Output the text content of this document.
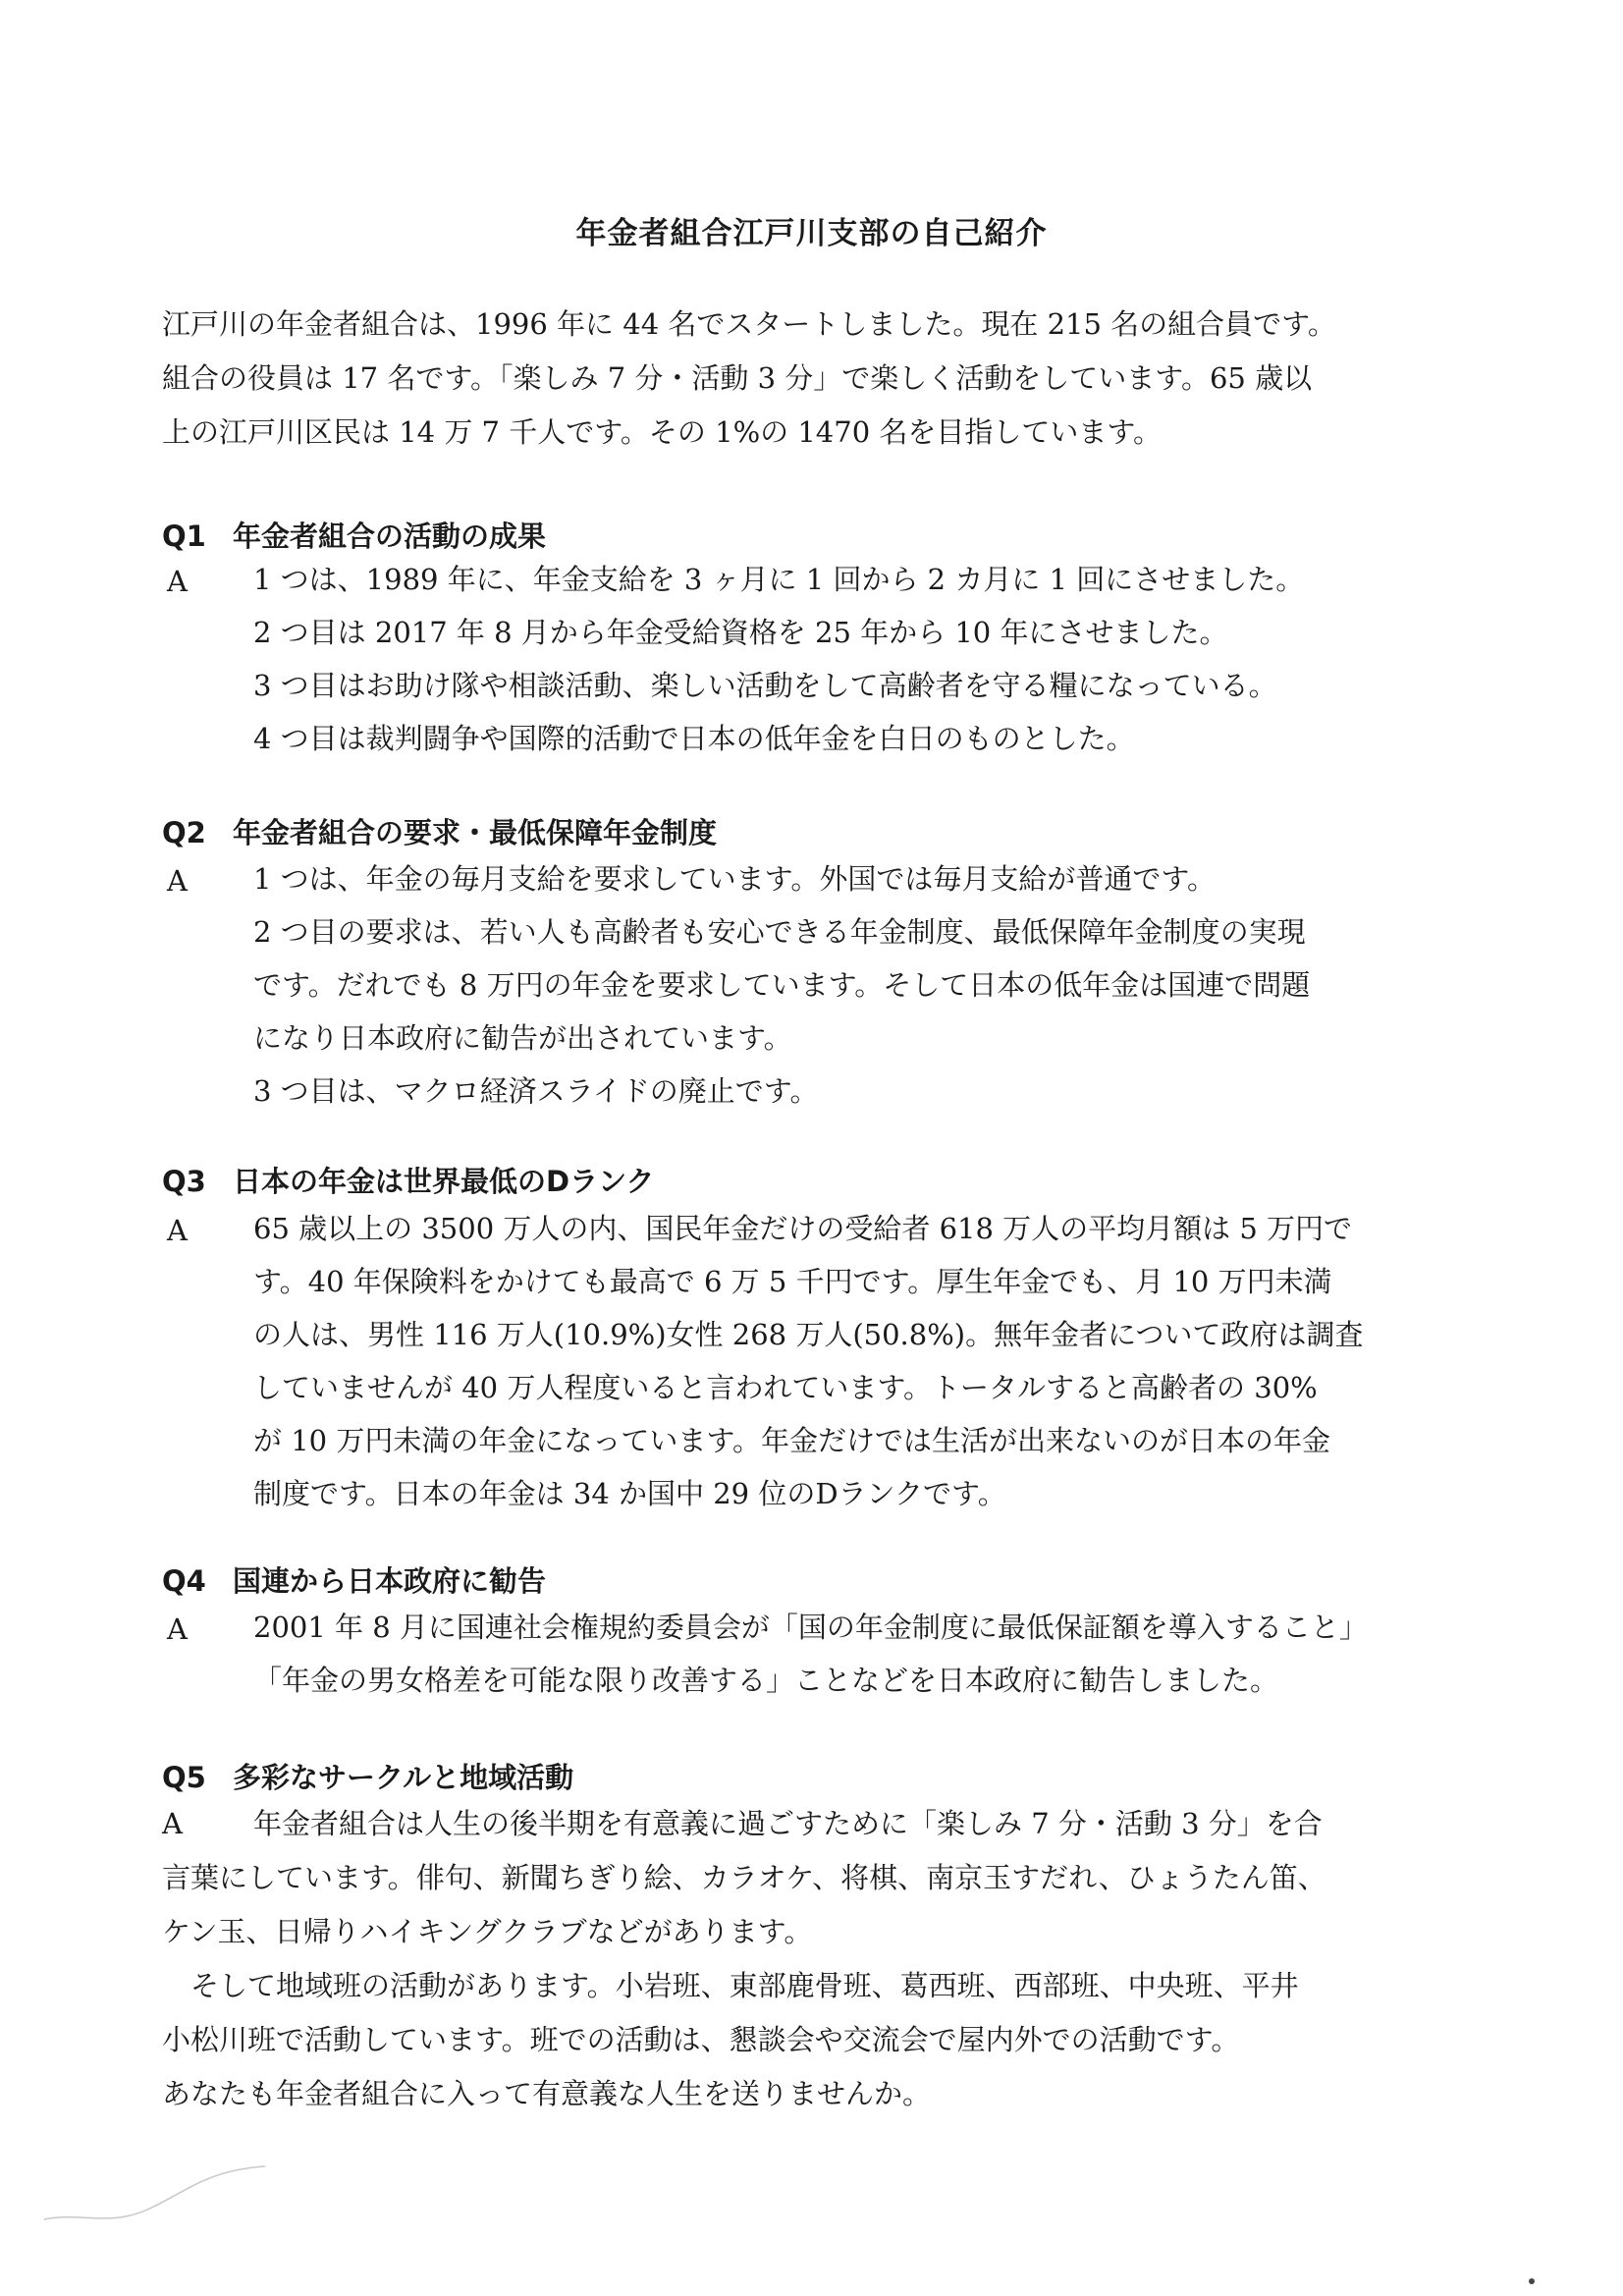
年金者組合江戸川支部の自己紹介

江戸川の年金者組合は、1996 年に 44 名でスタートしました。現在 215 名の組合員です。

組合の役員は 17 名です。「楽しみ 7 分・活動 3 分」で楽しく活動をしています。65 歳以

上の江戸川区民は 14 万 7 千人です。その 1%の 1470 名を目指しています。

Q1 年金者組合の活動の成果
A 1 つは、1989 年に、年金支給を 3 ヶ月に 1 回から 2 カ月に 1 回にさせました。

2 つ目は 2017 年 8 月から年金受給資格を 25 年から 10 年にさせました。

3 つ目はお助け隊や相談活動、楽しい活動をして高齢者を守る糧になっている。

4 つ目は裁判闘争や国際的活動で日本の低年金を白日のものとした。

Q2 年金者組合の要求・最低保障年金制度
A 1 つは、年金の毎月支給を要求しています。外国では毎月支給が普通です。

2 つ目の要求は、若い人も高齢者も安心できる年金制度、最低保障年金制度の実現

です。だれでも 8 万円の年金を要求しています。そして日本の低年金は国連で問題

になり日本政府に勧告が出されています。

3 つ目は、マクロ経済スライドの廃止です。

Q3 日本の年金は世界最低のDランク
A 65 歳以上の 3500 万人の内、国民年金だけの受給者 618 万人の平均月額は 5 万円で

す。40 年保険料をかけても最高で 6 万 5 千円です。厚生年金でも、月 10 万円未満

の人は、男性 116 万人(10.9%)女性 268 万人(50.8%)。無年金者について政府は調査

していませんが 40 万人程度いると言われています。トータルすると高齢者の 30%

が 10 万円未満の年金になっています。年金だけでは生活が出来ないのが日本の年金

制度です。日本の年金は 34 か国中 29 位のDランクです。

Q4 国連から日本政府に勧告
A 2001 年 8 月に国連社会権規約委員会が「国の年金制度に最低保証額を導入すること」

「年金の男女格差を可能な限り改善する」ことなどを日本政府に勧告しました。

Q5 多彩なサークルと地域活動

A 年金者組合は人生の後半期を有意義に過ごすために「楽しみ 7 分・活動 3 分」を合

言葉にしています。俳句、新聞ちぎり絵、カラオケ、将棋、南京玉すだれ、ひょうたん笛、

ケン玉、日帰りハイキングクラブなどがあります。

　そして地域班の活動があります。小岩班、東部鹿骨班、葛西班、西部班、中央班、平井

小松川班で活動しています。班での活動は、懇談会や交流会で屋内外での活動です。

あなたも年金者組合に入って有意義な人生を送りませんか。
